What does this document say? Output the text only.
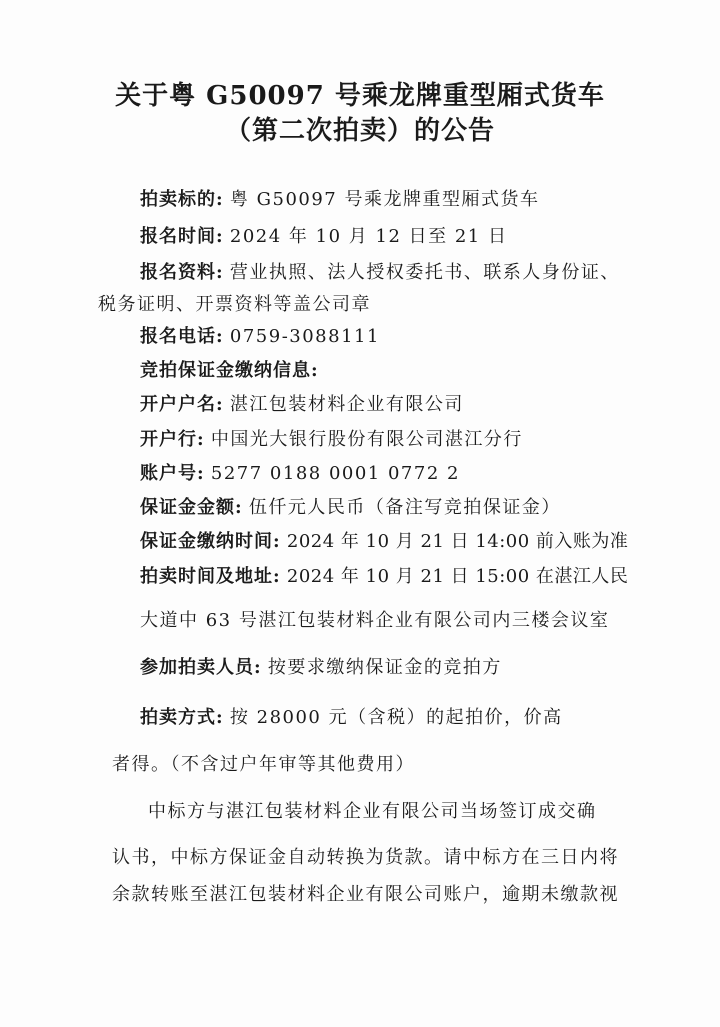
关于粤 G50097 号乘龙牌重型厢式货车
（第二次拍卖）的公告
拍卖标的: 粤 G50097 号乘龙牌重型厢式货车
报名时间: 2024 年 10 月 12 日至 21 日
报名资料: 营业执照、法人授权委托书、联系人身份证、
税务证明、开票资料等盖公司章
报名电话: 0759-3088111
竞拍保证金缴纳信息:
开户户名: 湛江包装材料企业有限公司
开户行: 中国光大银行股份有限公司湛江分行
账户号: 5277 0188 0001 0772 2
保证金金额: 伍仟元人民币（备注写竞拍保证金）
保证金缴纳时间: 2024 年 10 月 21 日 14:00 前入账为准
拍卖时间及地址: 2024 年 10 月 21 日 15:00 在湛江人民
大道中 63 号湛江包装材料企业有限公司内三楼会议室
参加拍卖人员: 按要求缴纳保证金的竞拍方
拍卖方式: 按 28000 元（含税）的起拍价，价高
者得。（不含过户年审等其他费用）
中标方与湛江包装材料企业有限公司当场签订成交确
认书，中标方保证金自动转换为货款。请中标方在三日内将
余款转账至湛江包装材料企业有限公司账户，逾期未缴款视
